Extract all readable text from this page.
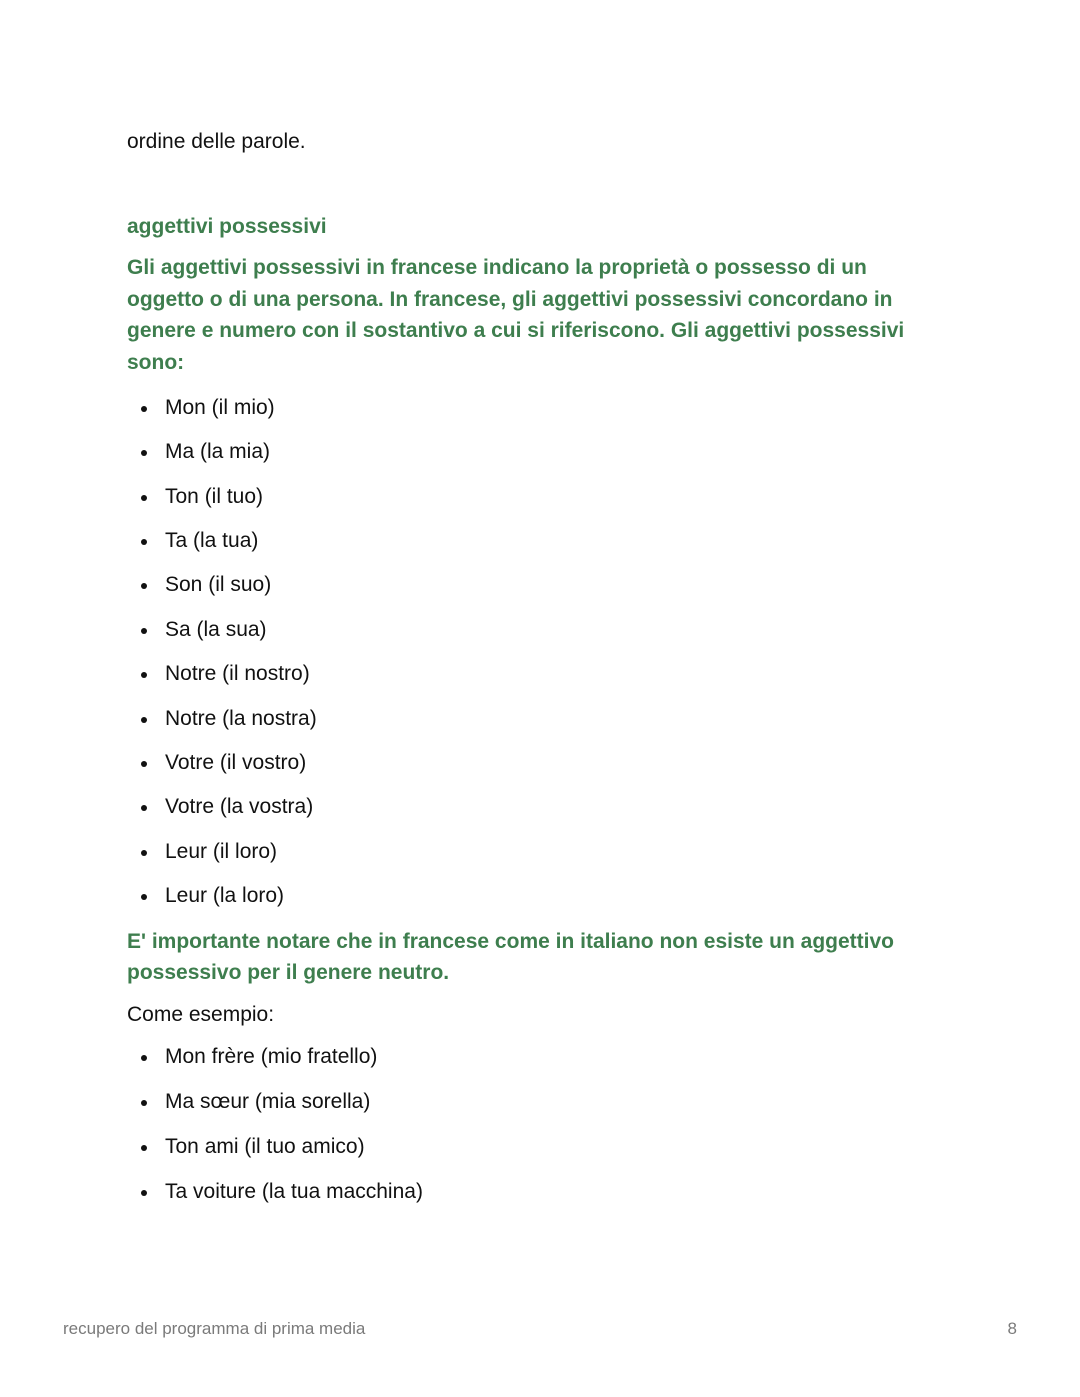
ordine delle parole.

aggettivi possessivi

Gli aggettivi possessivi in francese indicano la proprietà o possesso di un oggetto o di una persona. In francese, gli aggettivi possessivi concordano in genere e numero con il sostantivo a cui si riferiscono. Gli aggettivi possessivi sono:

Mon (il mio)
Ma (la mia)
Ton (il tuo)
Ta (la tua)
Son (il suo)
Sa (la sua)
Notre (il nostro)
Notre (la nostra)
Votre (il vostro)
Votre (la vostra)
Leur (il loro)
Leur (la loro)

E' importante notare che in francese come in italiano non esiste un aggettivo possessivo per il genere neutro.

Come esempio:

Mon frère (mio fratello)
Ma sœur (mia sorella)
Ton ami (il tuo amico)
Ta voiture (la tua macchina)
recupero del programma di prima media	8
